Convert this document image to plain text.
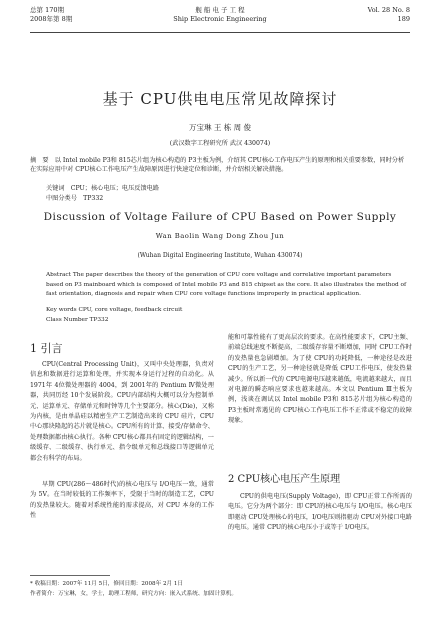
总第 170期
2008年第 8期
舰 船 电 子 工 程
Ship Electronic Engineering
Vol. 28 No. 8
189
基于 CPU供电电压常见故障探讨
万宝琳 王 栋 周 俊
(武汉数字工程研究所 武汉 430074)
摘　要　以 Intel mobile P3和 815芯片组为核心构造的 P3主板为例，介绍其 CPU核心工作电压产生的原理和相关重要参数，同时分析在实际应用中对 CPU核心工作电压产生故障原因进行快速定位和诊断，并介绍相关解决措施。
关键词　CPU；核心电压；电压反馈电路
中图分类号　TP332
Discussion of Voltage Failure of CPU Based on Power Supply
Wan Baolin Wang Dong Zhou Jun
(Wuhan Digital Engineering Institute, Wuhan 430074)
Abstract The paper describes the theory of the generation of CPU core voltage and correlative important parameters based on P3 mainboard which is composed of Intel mobile P3 and 815 chipset as the core. It also illustrates the method of fast orientation, diagnosis and repair when CPU core voltage functions improperly in practical application.
Key words CPU, core voltage, feedback circuit
Class Number TP332
1 引言
CPU(Central Processing Unit)，又叫中央处理器，负责对信息和数据进行运算和处理，并实现本身运行过程的自动化。从 1971年 4位微处理器的 4004，到 2001年的 Pentium Ⅳ微处理器，共同历经 10个发展阶段。CPU内部结构大概可以分为控制单元、运算单元、存储单元和时钟等几个主要部分。核心(Die)，又称为内核，是由单晶硅以精密生产工艺制造出来的 CPU 硅片，CPU中心那块隆起的芯片就是核心。CPU所有的计算、接受/存储命令、处理数据都由核心执行。各种 CPU核心都具有固定的逻辑结构，一级缓存、二级缓存、执行单元、指令级单元和总线接口等逻辑单元都会有科学的布局。
早期 CPU(286～486时代)的核心电压与 I/O电压一致，通常为 5V。在当时较低的工作频率下，受限于当时的制造工艺，CPU 的发热量较大。随着对系统性能的需求提高，对 CPU 本身的工作性
能和可靠性能有了更高层次的要求。在高性能要求下，CPU主频、前端总线速度不断提高，二级缓存容量不断增加，同时 CPU工作时的发热量也急剧增加。为了使 CPU的功耗降低，一种途径是改进 CPU的生产工艺，另一种途径就是降低 CPU工作电压，使发热量减少。所以新一代的 CPU电源电压越来越低，电流越来越大，而且对电源的瞬态响应要求也越来越高。本文以 Pentium Ⅲ主板为例，浅谈在调试以 Intel mobile P3和 815芯片组为核心构造的 P3主板时常遇见的 CPU核心工作电压工作不正常或不稳定的故障现象。
2 CPU核心电压产生原理
CPU的供电电压(Supply Voltage)，即 CPU正常工作所需的电压。它分为两个部分：即 CPU的核心电压与 I/O电压。核心电压即驱动 CPU处理核心的电压，I/O电压则指驱动 CPU对外接口电路的电压。通常 CPU的核心电压小于或等于 I/O电压。
* 收稿日期：2007年 11月 5日，修回日期：2008年 2月 1日
作者简介：万宝琳，女，学士，助理工程师，研究方向：嵌入式系统、加固计算机。
